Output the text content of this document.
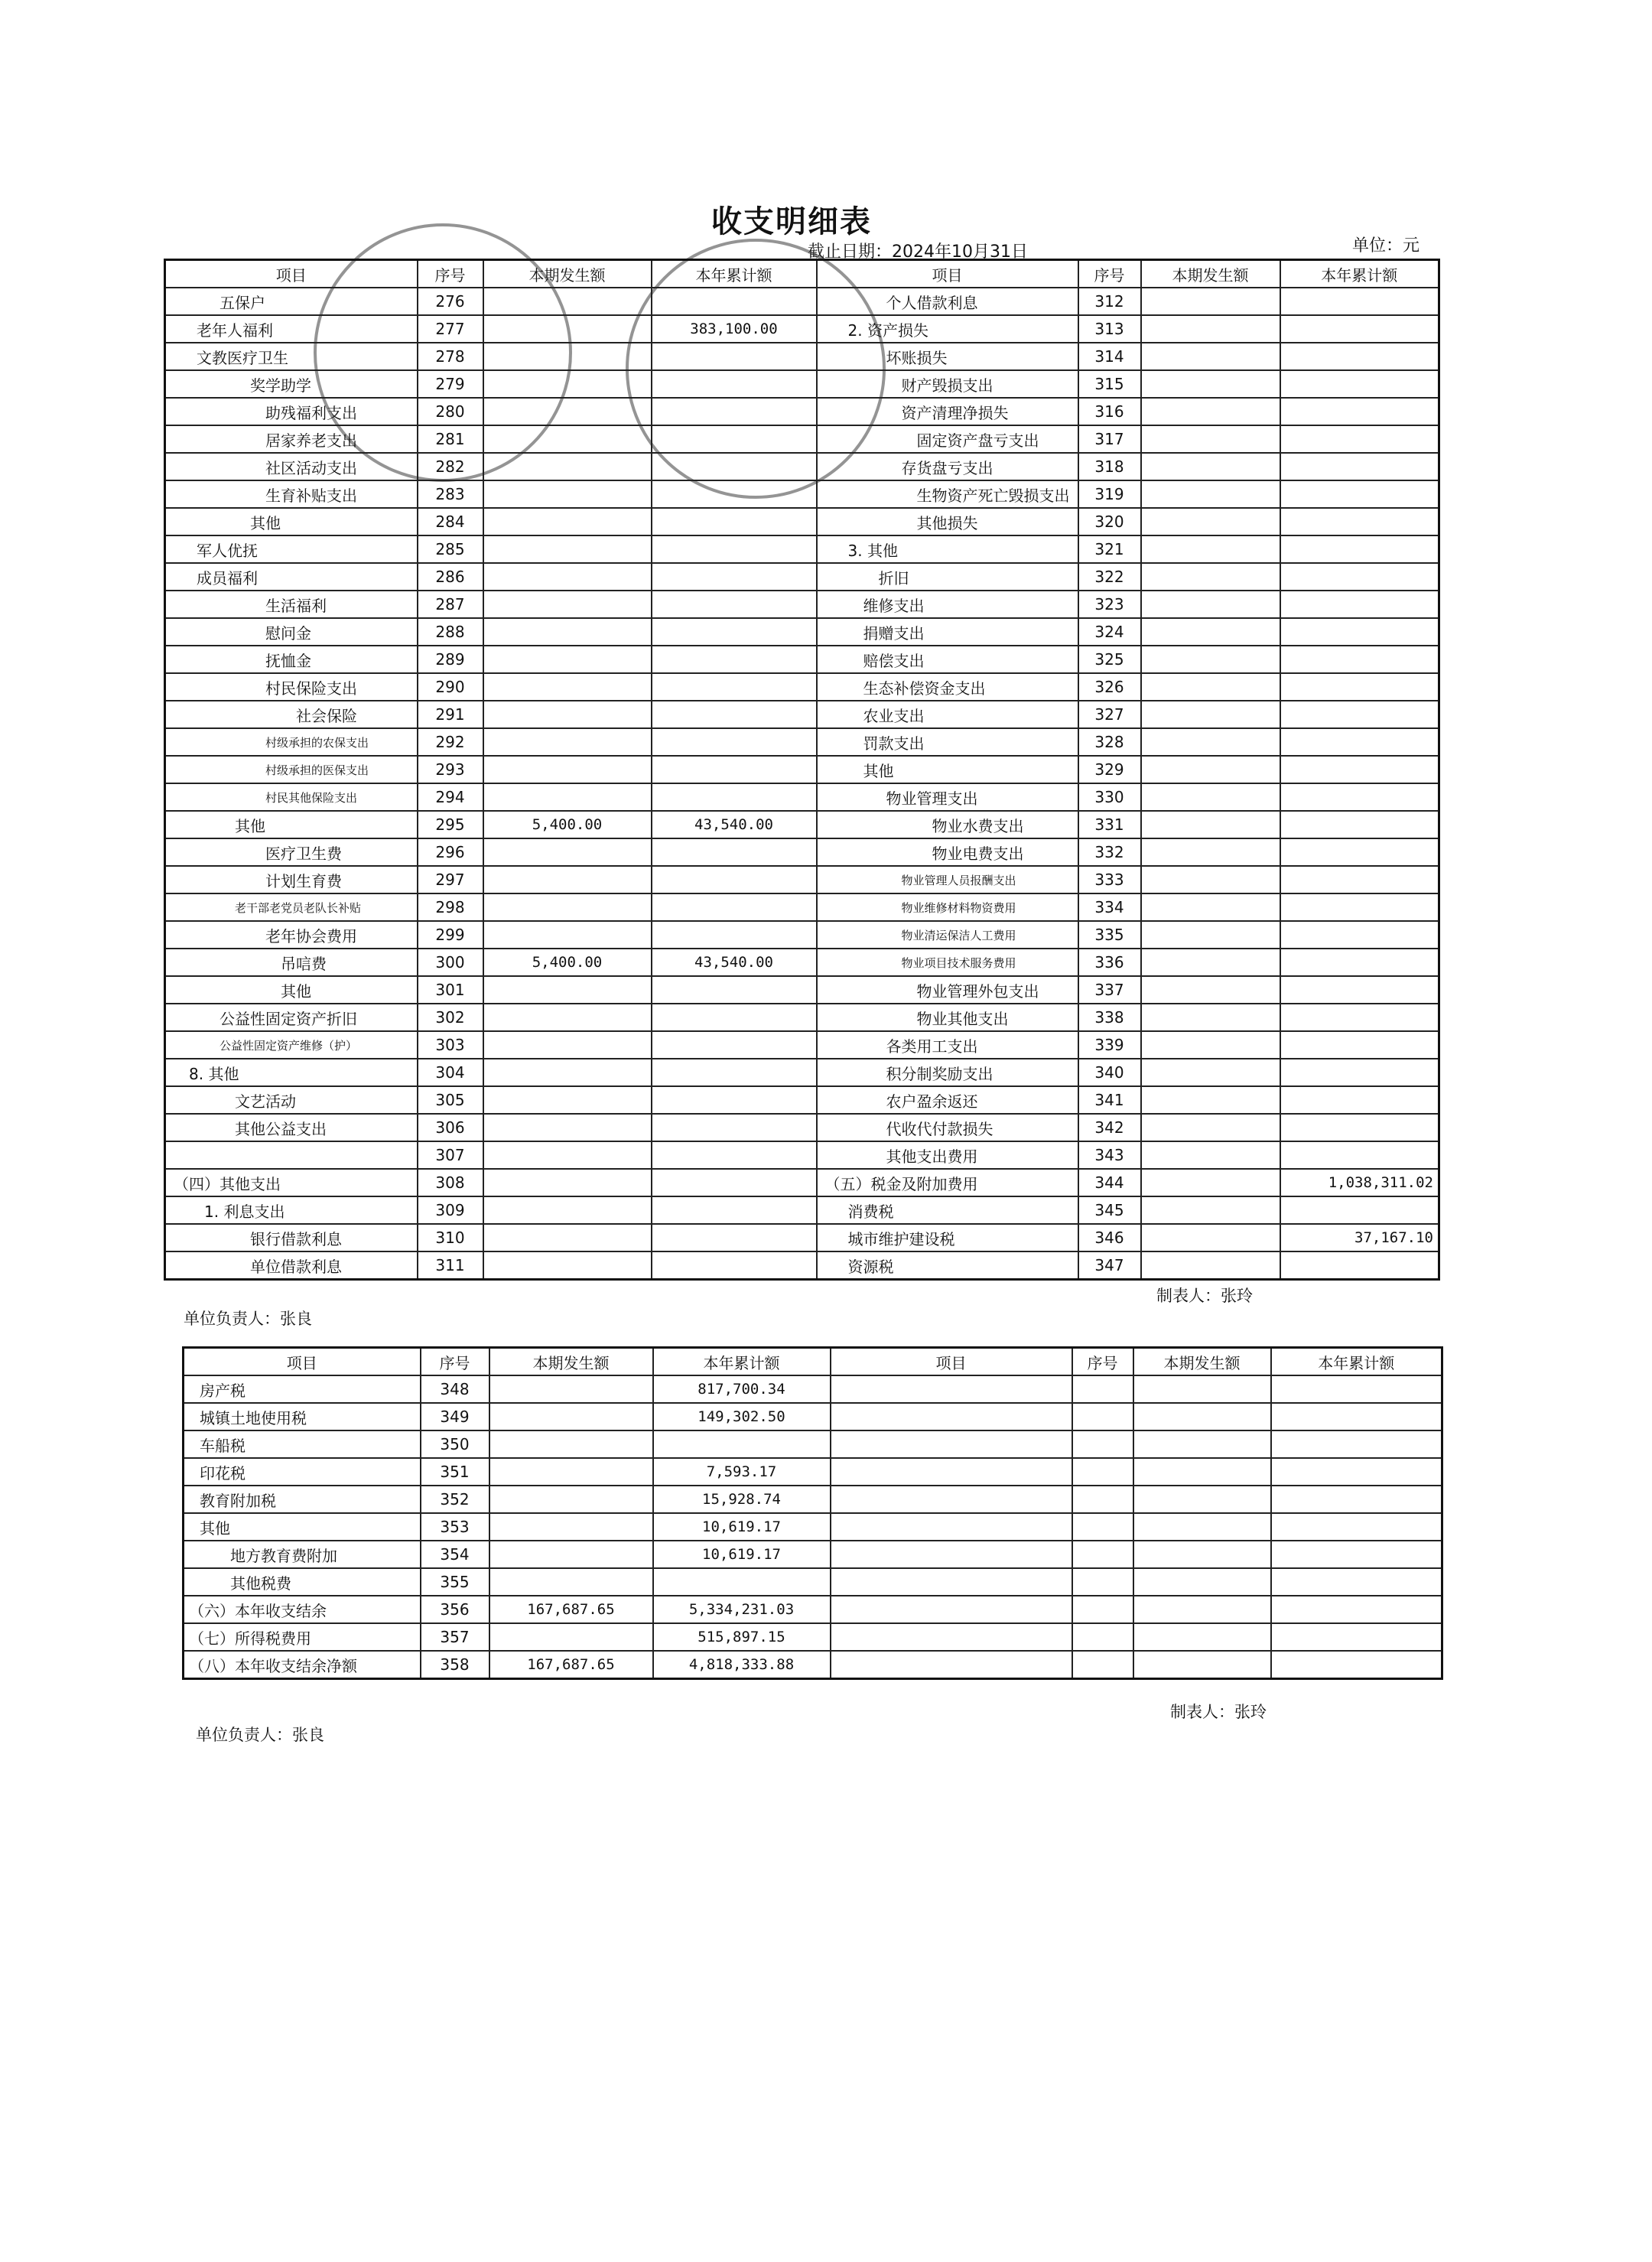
收支明细表
截止日期：2024年10月31日	单位：元
项目	序号	本期发生额	本年累计额	项目	序号	本期发生额	本年累计额
五保户	276			个人借款利息	312		
老年人福利	277		383,100.00	2. 资产损失	313		
文教医疗卫生	278			坏账损失	314		
奖学助学	279			财产毁损支出	315		
助残福利支出	280			资产清理净损失	316		
居家养老支出	281			固定资产盘亏支出	317		
社区活动支出	282			存货盘亏支出	318		
生育补贴支出	283			生物资产死亡毁损支出	319		
其他	284			其他损失	320		
军人优抚	285			3. 其他	321		
成员福利	286			折旧	322		
生活福利	287			维修支出	323		
慰问金	288			捐赠支出	324		
抚恤金	289			赔偿支出	325		
村民保险支出	290			生态补偿资金支出	326		
社会保险	291			农业支出	327		
村级承担的农保支出	292			罚款支出	328		
村级承担的医保支出	293			其他	329		
村民其他保险支出	294			物业管理支出	330		
其他	295	5,400.00	43,540.00	物业水费支出	331		
医疗卫生费	296			物业电费支出	332		
计划生育费	297			物业管理人员报酬支出	333		
老干部老党员老队长补贴	298			物业维修材料物资费用	334		
老年协会费用	299			物业清运保洁人工费用	335		
吊唁费	300	5,400.00	43,540.00	物业项目技术服务费用	336		
其他	301			物业管理外包支出	337		
公益性固定资产折旧	302			物业其他支出	338		
公益性固定资产维修（护）	303			各类用工支出	339		
8. 其他	304			积分制奖励支出	340		
文艺活动	305			农户盈余返还	341		
其他公益支出	306			代收代付款损失	342		
	307			其他支出费用	343		
（四）其他支出	308			（五）税金及附加费用	344		1,038,311.02
1. 利息支出	309			消费税	345		
银行借款利息	310			城市维护建设税	346		37,167.10
单位借款利息	311			资源税	347		
制表人：张玲
单位负责人：张良
项目	序号	本期发生额	本年累计额	项目	序号	本期发生额	本年累计额
房产税	348		817,700.34				
城镇土地使用税	349		149,302.50				
车船税	350						
印花税	351		7,593.17				
教育附加税	352		15,928.74				
其他	353		10,619.17				
地方教育费附加	354		10,619.17				
其他税费	355						
（六）本年收支结余	356	167,687.65	5,334,231.03				
（七）所得税费用	357		515,897.15				
（八）本年收支结余净额	358	167,687.65	4,818,333.88				
制表人：张玲
单位负责人：张良
